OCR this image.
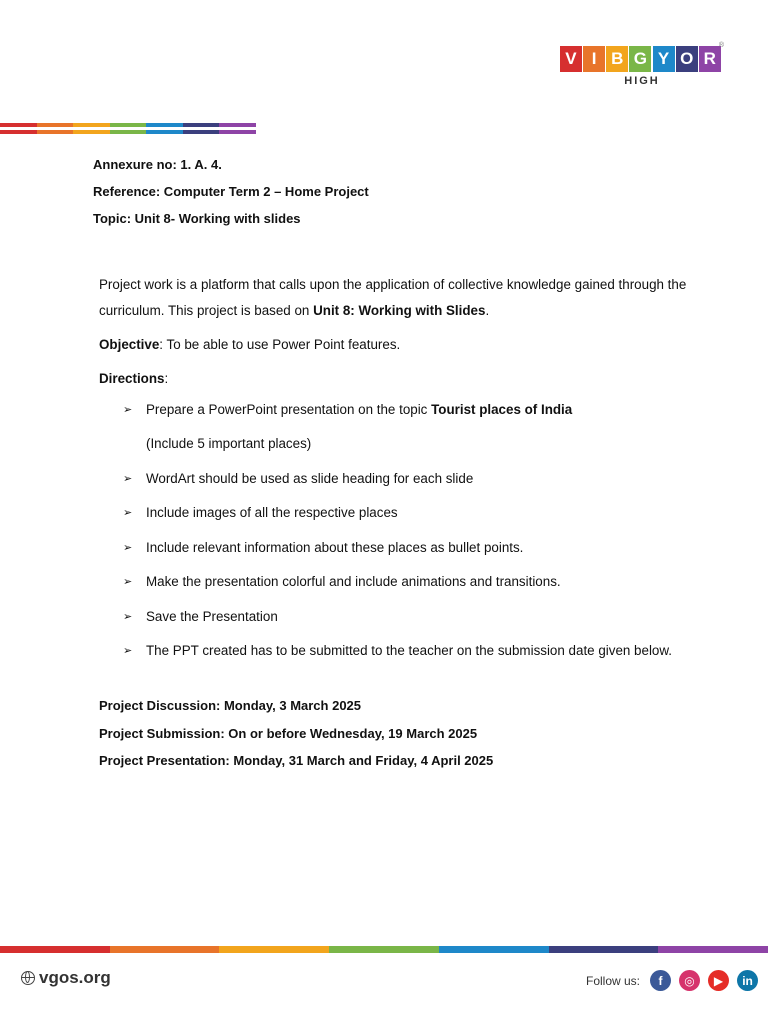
V I B G Y O R
®
HIGH
Annexure no: 1. A. 4.
Reference: Computer Term 2 – Home Project
Topic: Unit 8- Working with slides

Project work is a platform that calls upon the application of collective knowledge gained through the curriculum. This project is based on Unit 8: Working with Slides.

Objective: To be able to use Power Point features.
Directions:
➢ Prepare a PowerPoint presentation on the topic Tourist places of India
(Include 5 important places)
➢ WordArt should be used as slide heading for each slide
➢ Include images of all the respective places
➢ Include relevant information about these places as bullet points.
➢ Make the presentation colorful and include animations and transitions.
➢ Save the Presentation
➢ The PPT created has to be submitted to the teacher on the submission date given below.
Project Discussion: Monday, 3 March 2025
Project Submission: On or before Wednesday, 19 March 2025
Project Presentation: Monday, 31 March and Friday, 4 April 2025
vgos.org	Follow us:	f	◎	▶	in
